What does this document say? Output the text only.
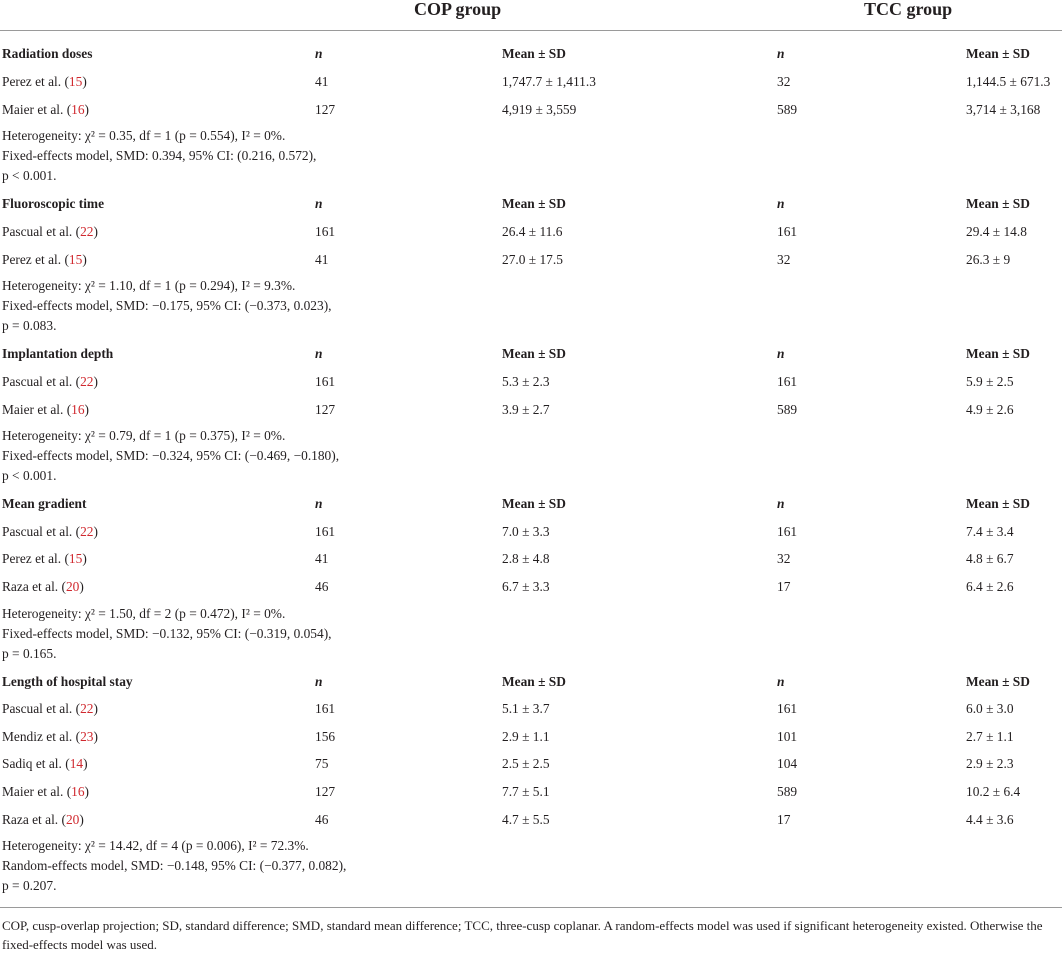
COP group	TCC group
Radiation doses	n	Mean ± SD	n	Mean ± SD
Perez et al. (15)	41	1,747.7 ± 1,411.3	32	1,144.5 ± 671.3
Maier et al. (16)	127	4,919 ± 3,559	589	3,714 ± 3,168
Heterogeneity: χ² = 0.35, df = 1 (p = 0.554), I² = 0%.
Fixed-effects model, SMD: 0.394, 95% CI: (0.216, 0.572),
p < 0.001.
Fluoroscopic time	n	Mean ± SD	n	Mean ± SD
Pascual et al. (22)	161	26.4 ± 11.6	161	29.4 ± 14.8
Perez et al. (15)	41	27.0 ± 17.5	32	26.3 ± 9
Heterogeneity: χ² = 1.10, df = 1 (p = 0.294), I² = 9.3%.
Fixed-effects model, SMD: −0.175, 95% CI: (−0.373, 0.023),
p = 0.083.
Implantation depth	n	Mean ± SD	n	Mean ± SD
Pascual et al. (22)	161	5.3 ± 2.3	161	5.9 ± 2.5
Maier et al. (16)	127	3.9 ± 2.7	589	4.9 ± 2.6
Heterogeneity: χ² = 0.79, df = 1 (p = 0.375), I² = 0%.
Fixed-effects model, SMD: −0.324, 95% CI: (−0.469, −0.180),
p < 0.001.
Mean gradient	n	Mean ± SD	n	Mean ± SD
Pascual et al. (22)	161	7.0 ± 3.3	161	7.4 ± 3.4
Perez et al. (15)	41	2.8 ± 4.8	32	4.8 ± 6.7
Raza et al. (20)	46	6.7 ± 3.3	17	6.4 ± 2.6
Heterogeneity: χ² = 1.50, df = 2 (p = 0.472), I² = 0%.
Fixed-effects model, SMD: −0.132, 95% CI: (−0.319, 0.054),
p = 0.165.
Length of hospital stay	n	Mean ± SD	n	Mean ± SD
Pascual et al. (22)	161	5.1 ± 3.7	161	6.0 ± 3.0
Mendiz et al. (23)	156	2.9 ± 1.1	101	2.7 ± 1.1
Sadiq et al. (14)	75	2.5 ± 2.5	104	2.9 ± 2.3
Maier et al. (16)	127	7.7 ± 5.1	589	10.2 ± 6.4
Raza et al. (20)	46	4.7 ± 5.5	17	4.4 ± 3.6
Heterogeneity: χ² = 14.42, df = 4 (p = 0.006), I² = 72.3%.
Random-effects model, SMD: −0.148, 95% CI: (−0.377, 0.082),
p = 0.207.
COP, cusp-overlap projection; SD, standard difference; SMD, standard mean difference; TCC, three-cusp coplanar. A random-effects model was used if significant heterogeneity existed. Otherwise the fixed-effects model was used.
